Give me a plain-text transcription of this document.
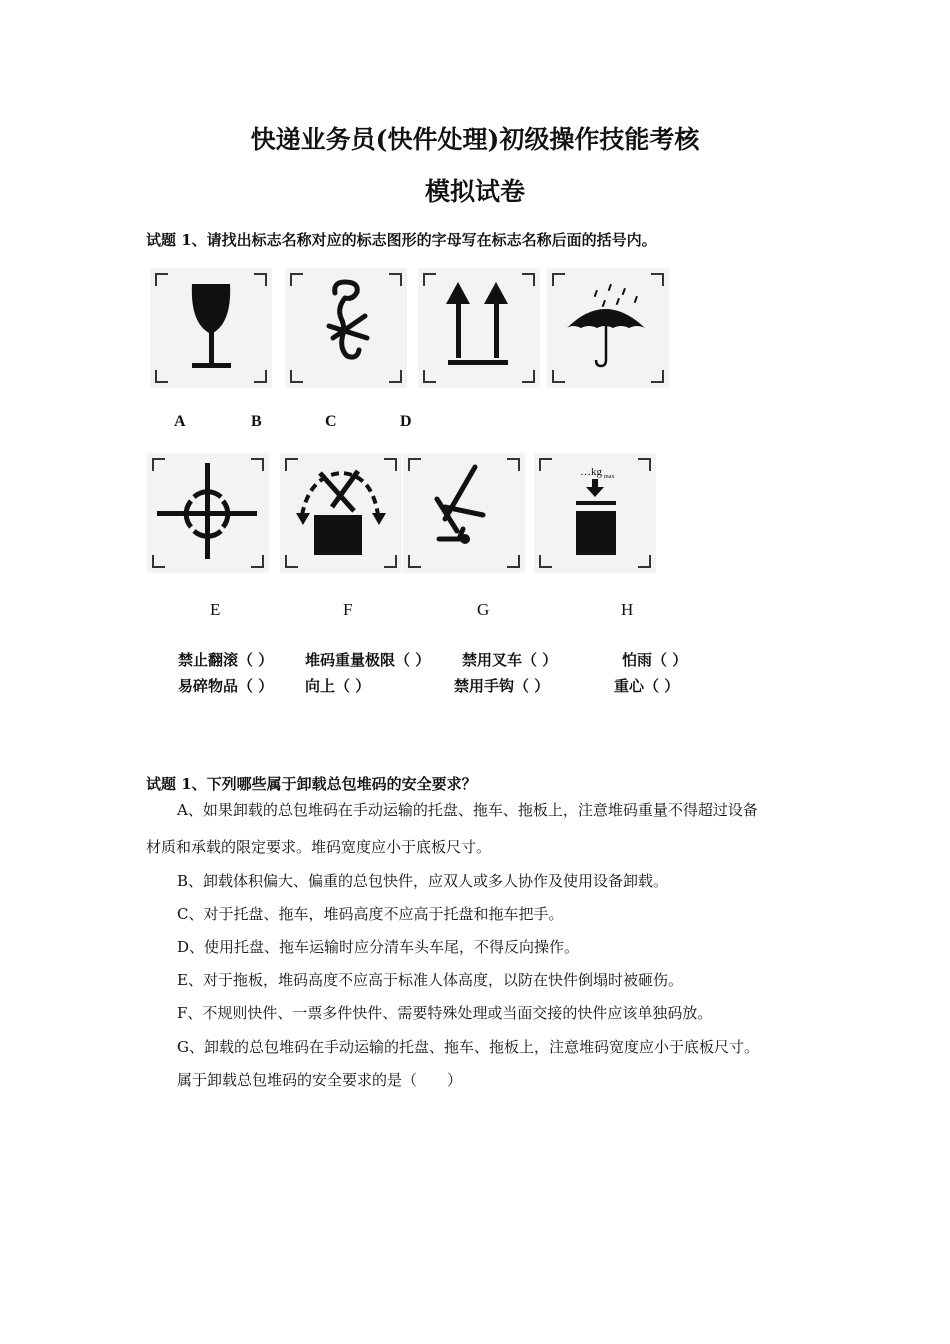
快递业务员(快件处理)初级操作技能考核
模拟试卷
试题 1、请找出标志名称对应的标志图形的字母写在标志名称后面的括号内。
A	B	C	D
…kg max
E	F	G	H
禁止翻滚（ ） 堆码重量极限（ ） 禁用叉车（ ）	怕雨（ ）
易碎物品（ ） 向上（ ）	禁用手钩（ ）	重心（ ）
试题 1、下列哪些属于卸载总包堆码的安全要求？
A、如果卸载的总包堆码在手动运输的托盘、拖车、拖板上，注意堆码重量不得超过设备
材质和承载的限定要求。堆码宽度应小于底板尺寸。
B、卸载体积偏大、偏重的总包快件，应双人或多人协作及使用设备卸载。
C、对于托盘、拖车，堆码高度不应高于托盘和拖车把手。
D、使用托盘、拖车运输时应分清车头车尾，不得反向操作。
E、对于拖板，堆码高度不应高于标准人体高度，以防在快件倒塌时被砸伤。
F、不规则快件、一票多件快件、需要特殊处理或当面交接的快件应该单独码放。
G、卸载的总包堆码在手动运输的托盘、拖车、拖板上，注意堆码宽度应小于底板尺寸。
属于卸载总包堆码的安全要求的是（　　）
